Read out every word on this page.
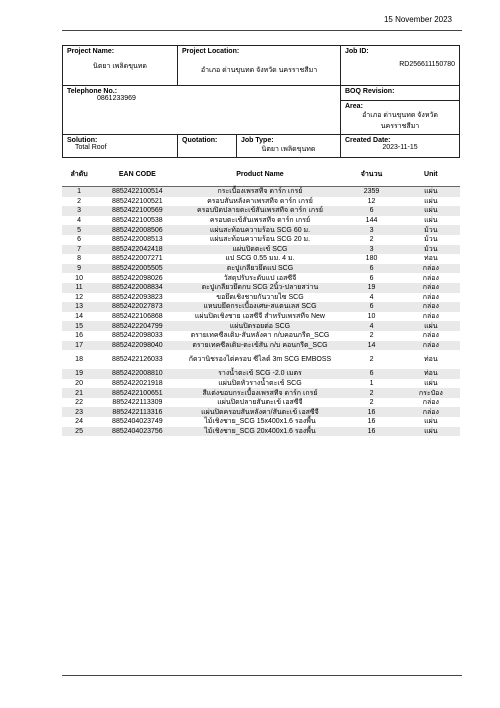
15 November 2023
Project Name:
นิตยา เพลิดขุนทด	Project Location:
อำเภอ ด่านขุนทด จังหวัด นครราชสีมา		Job ID:
RD256611150780

Telephone No.:
0861233969			BOQ Revision:
Area:
อำเภอ ด่านขุนทด จังหวัด นครราชสีมา

Solution:
Total Roof	Quotation:	Job Type:
นิตยา เพลิดขุนทด	Created Date:
2023-11-15
ลำดับ	EAN CODE	Product Name	จำนวน	Unit
1	8852422100514	กระเบื้องเพรสทีจ ดาร์ก เกรย์	2359	แผ่น
2	8852422100521	ครอบสันหลังคาเพรสทีจ ดาร์ก เกรย์	12	แผ่น
3	8852422100569	ครอบปิดปลายตะเข้สันเพรสทีจ ดาร์ก เกรย์	6	แผ่น
4	8852422100538	ครอบตะเข้สันเพรสทีจ ดาร์ก เกรย์	144	แผ่น
5	8852422008506	แผ่นสะท้อนความร้อน SCG 60 ม.	3	ม้วน
6	8852422008513	แผ่นสะท้อนความร้อน SCG 20 ม.	2	ม้วน
7	8852422042418	แผ่นปิดตะเข้ SCG	3	ม้วน
8	8852422007271	แป SCG 0.55 มม. 4 ม.	180	ท่อน
9	8852422005505	ตะปูเกลียวยึดแป SCG	6	กล่อง
10	8852422098026	วัสดุปรับระดับแป เอสซีจี	6	กล่อง
11	8852422008834	ตะปูเกลียวยึดกบ SCG 2นิ้ว-ปลายสว่าน	19	กล่อง
12	8852422093823	ขอยึดเชิงชายกันวายไซ SCG	4	กล่อง
13	8852422027873	แหนบยึดกระเบื้องเศษ-สแตนเลส SCG	6	กล่อง
14	8852422106868	แผ่นปิดเชิงชาย เอสซีจี สำหรับเพรสทีจ New	10	กล่อง
15	8852422204799	แผ่นปิดรอยต่อ SCG	4	แผ่น
16	8852422098033	ตรายเทคซีลเติม-สันหลังคา ก/บคอนกรีต_SCG	2	กล่อง
17	8852422098040	ตรายเทคซีลเติม-ตะเข้สัน ก/บ คอนกรีต_SCG	14	กล่อง
18	8852422126033	กัดวานิชรองไต่ครอบ ซีไลต์ 3m SCG EMBOSS	2	ท่อน
19	8852422008810	รางน้ำตะเข้ SCG -2.0 เมตร	6	ท่อน
20	8852422021918	แผ่นปิดหัวรางน้ำตะเข้ SCG	1	แผ่น
21	8852422100651	สีแต่งขอบกระเบื้องเพรสทีจ ดาร์ก เกรย์	2	กระป๋อง
22	8852422113309	แผ่นปิดปลายสันตะเข้ เอสซีจี	2	กล่อง
23	8852422113316	แผ่นปิดครอบสันหลังคา/สันตะเข้ เอสซีจี	16	กล่อง
24	8852404023749	ไม้เชิงชาย_SCG 15x400x1.6 รองพื้น	16	แผ่น
25	8852404023756	ไม้เชิงชาย_SCG 20x400x1.6 รองพื้น	16	แผ่น
